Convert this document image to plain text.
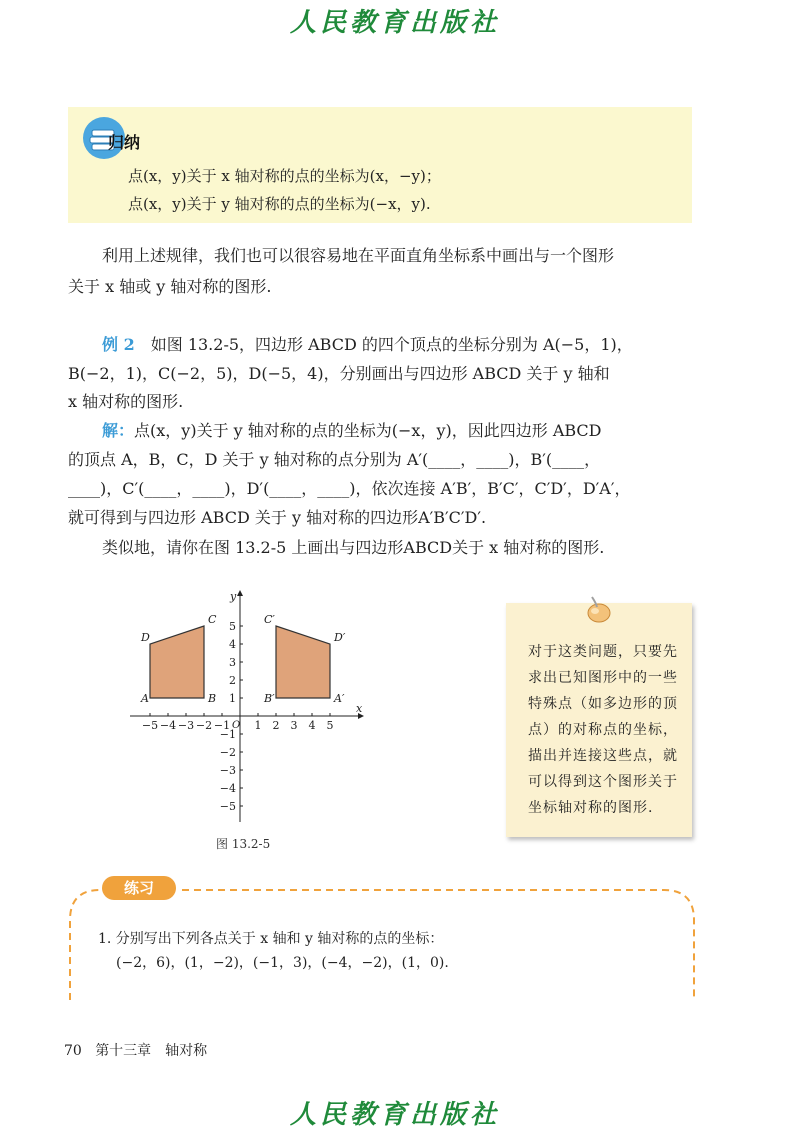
人民教育出版社
归纳
点(x，y)关于 x 轴对称的点的坐标为(x，−y)；
点(x，y)关于 y 轴对称的点的坐标为(−x，y).
利用上述规律，我们也可以很容易地在平面直角坐标系中画出与一个图形
关于 x 轴或 y 轴对称的图形.
例 2　 如图 13.2-5，四边形 ABCD 的四个顶点的坐标分别为 A(−5，1)，
B(−2，1)，C(−2，5)，D(−5，4)，分别画出与四边形 ABCD 关于 y 轴和
x 轴对称的图形.
解：点(x，y)关于 y 轴对称的点的坐标为(−x，y)，因此四边形 ABCD
的顶点 A，B，C，D 关于 y 轴对称的点分别为 A′(____，____)，B′(____，
____)，C′(____，____)，D′(____，____)，依次连接 A′B′，B′C′，C′D′，D′A′，
就可得到与四边形 ABCD 关于 y 轴对称的四边形A′B′C′D′.
类似地，请你在图 13.2-5 上画出与四边形ABCD关于 x 轴对称的图形.
A	B
C
D
A′
B′
C′
D′
x
y
O
−5 −4 −3 −2 −1 1 2 3 4 5
5
4
3
2
1
−1
−2
−3
−4
−5
图 13.2-5
对于这类问题，只要先求出已知图形中的一些特殊点（如多边形的顶点）的对称点的坐标，描出并连接这些点，就可以得到这个图形关于坐标轴对称的图形.
练习
1. 分别写出下列各点关于 x 轴和 y 轴对称的点的坐标：
(−2，6)，(1，−2)，(−1，3)，(−4，−2)，(1，0).
70 第十三章　轴对称
人民教育出版社
